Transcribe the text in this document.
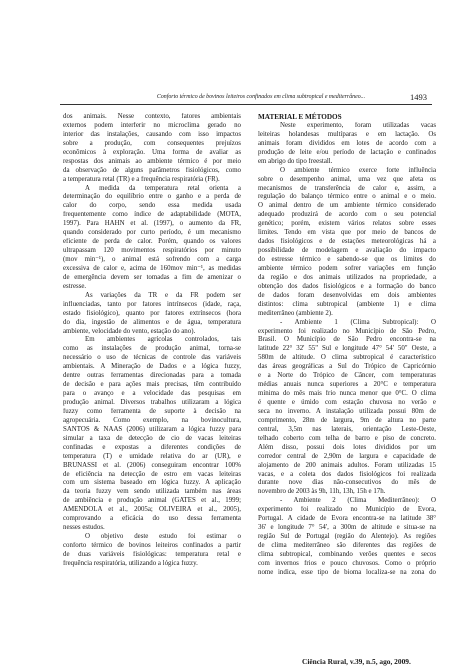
Conforto térmico de bovinos leiteiros confinados em clima subtropical e mediterrâneo...	1493
dos animais. Nesse contexto, fatores ambientais
externos podem interferir no microclima gerado no
interior das instalações, causando com isso impactos
sobre a produção, com consequentes prejuízos
econômicos à exploração. Uma forma de avaliar as
respostas dos animais ao ambiente térmico é por meio
da observação de alguns parâmetros fisiológicos, como
a temperatura retal (TR) e a frequência respiratória (FR).
A medida da temperatura retal orienta a
determinação do equilíbrio entre o ganho e a perda de
calor do corpo, sendo essa medida usada
frequentemente como índice de adaptabilidade (MOTA,
1997). Para HAHN et al. (1997), o aumento da FR,
quando considerado por curto período, é um mecanismo
eficiente de perda de calor. Porém, quando os valores
ultrapassam 120 movimentos respiratórios por minuto
(mov min⁻¹), o animal está sofrendo com a carga
excessiva de calor e, acima de 160mov min⁻¹, as medidas
de emergência devem ser tomadas a fim de amenizar o
estresse.
As variações da TR e da FR podem ser
influenciadas, tanto por fatores intrínsecos (idade, raça,
estado fisiológico), quanto por fatores extrínsecos (hora
do dia, ingestão de alimentos e de água, temperatura
ambiente, velocidade do vento, estação do ano).
Em ambientes agrícolas controlados, tais
como as instalações de produção animal, torna-se
necessário o uso de técnicas de controle das variáveis
ambientais. A Mineração de Dados e a lógica fuzzy,
dentre outras ferramentas direcionadas para a tomada
de decisão e para ações mais precisas, têm contribuído
para o avanço e a velocidade das pesquisas em
produção animal. Diversos trabalhos utilizaram a lógica
fuzzy como ferramenta de suporte à decisão na
agropecuária. Como exemplo, na bovinocultura,
SANTOS & NÄÄS (2006) utilizaram a lógica fuzzy para
simular a taxa de detecção de cio de vacas leiteiras
confinadas e expostas a diferentes condições de
temperatura (T) e umidade relativa do ar (UR), e
BRUNASSI et al. (2006) conseguiram encontrar 100%
de eficiência na detecção de estro em vacas leiteiras
com um sistema baseado em lógica fuzzy. A aplicação
da teoria fuzzy vem sendo utilizada também nas áreas
de ambiência e produção animal (GATES et al., 1999;
AMENDOLA et al., 2005a; OLIVEIRA et al., 2005),
comprovando a eficácia do uso dessa ferramenta
nesses estudos.
O objetivo deste estudo foi estimar o
conforto térmico de bovinos leiteiros confinados a partir
de duas variáveis fisiológicas: temperatura retal e
frequência respiratória, utilizando a lógica fuzzy.
MATERIAL E MÉTODOS
Neste experimento, foram utilizadas vacas
leiteiras holandesas multíparas e em lactação. Os
animais foram divididos em lotes de acordo com a
produção de leite e/ou período de lactação e confinados
em abrigo do tipo freestall.
O ambiente térmico exerce forte influência
sobre o desempenho animal, uma vez que afeta os
mecanismos de transferência de calor e, assim, a
regulação do balanço térmico entre o animal e o meio.
O animal dentro de um ambiente térmico considerado
adequado produzirá de acordo com o seu potencial
genético; porém, existem vários relatos sobre esses
limites. Tendo em vista que por meio de bancos de
dados fisiológicos e de estações meteorológicas há a
possibilidade de modelagem e avaliação do impacto
do estresse térmico e sabendo-se que os limites do
ambiente térmico podem sofrer variações em função
da região e dos animais utilizados na propriedade, a
obtenção dos dados fisiológicos e a formação do banco
de dados foram desenvolvidas em dois ambientes
distintos: clima subtropical (ambiente 1) e clima
mediterrâneo (ambiente 2).
- Ambiente 1 (Clima Subtropical): O
experimento foi realizado no Município de São Pedro,
Brasil. O Município de São Pedro encontra-se na
latitude 22° 32' 55" Sul e longitude 47° 54' 50" Oeste, a
580m de altitude. O clima subtropical é característico
das áreas geográficas a Sul do Trópico de Capricórnio
e a Norte do Trópico de Câncer, com temperaturas
médias anuais nunca superiores a 20°C e temperatura
mínima do mês mais frio nunca menor que 0°C. O clima
é quente e úmido com estação chuvosa no verão e
seca no inverno. A instalação utilizada possui 80m de
comprimento, 28m de largura, 9m de altura no parte
central, 3,5m nas laterais, orientação Leste-Oeste,
telhado coberto com telha de barro e piso de concreto.
Além disso, possui dois lotes divididos por um
corredor central de 2,90m de largura e capacidade de
alojamento de 200 animais adultos. Foram utilizadas 15
vacas, e a coleta dos dados fisiológicos foi realizada
durante nove dias não-consecutivos do mês de
novembro de 2003 às 9h, 11h, 13h, 15h e 17h.
- Ambiente 2 (Clima Mediterrâneo): O
experimento foi realizado no Município de Évora,
Portugal. A cidade de Évora encontra-se na latitude 38°
36' e longitude 7° 54', a 300m de altitude e situa-se na
região Sul de Portugal (região do Alentejo). As regiões
de clima mediterrâneo são diferentes das regiões de
clima subtropical, combinando verões quentes e secos
com invernos frios e pouco chuvosos. Como o próprio
nome indica, esse tipo de bioma localiza-se na zona do
Ciência Rural, v.39, n.5, ago, 2009.
